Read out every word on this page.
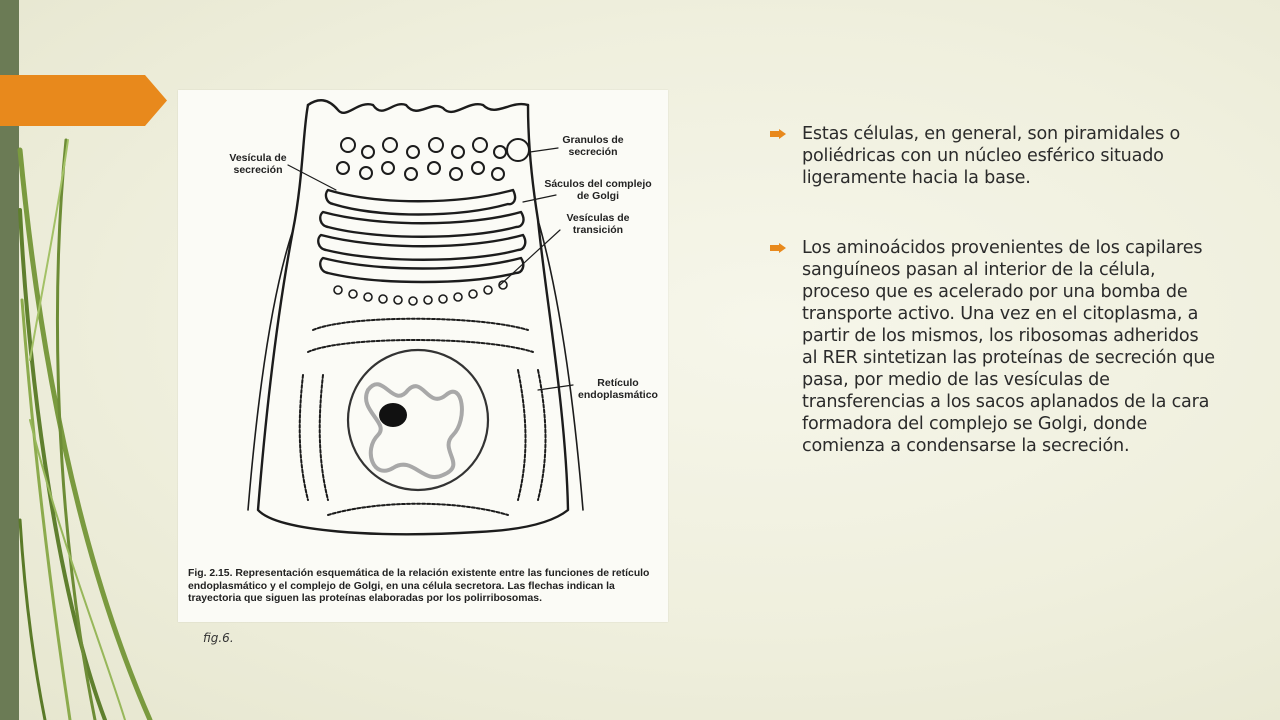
Vesícula de secreción
Granulos de secreción
Sáculos del complejo de Golgi
Vesículas de transición
Retículo endoplasmático
Fig. 2.15. Representación esquemática de la relación existente entre las funciones de retículo endoplasmático y el complejo de Golgi, en una célula secretora. Las flechas indican la trayectoria que siguen las proteínas elaboradas por los polirribosomas.
fig.6.
Estas células, en general, son piramidales o poliédricas con un núcleo esférico situado ligeramente hacia la base.
Los aminoácidos provenientes de los capilares sanguíneos pasan al interior de la célula, proceso que es acelerado por una bomba de transporte activo. Una vez en el citoplasma, a partir de los mismos, los ribosomas adheridos al RER sintetizan las proteínas de secreción que pasa, por medio de las vesículas de transferencias a los sacos aplanados de la cara formadora del complejo se Golgi, donde comienza a condensarse la secreción.
